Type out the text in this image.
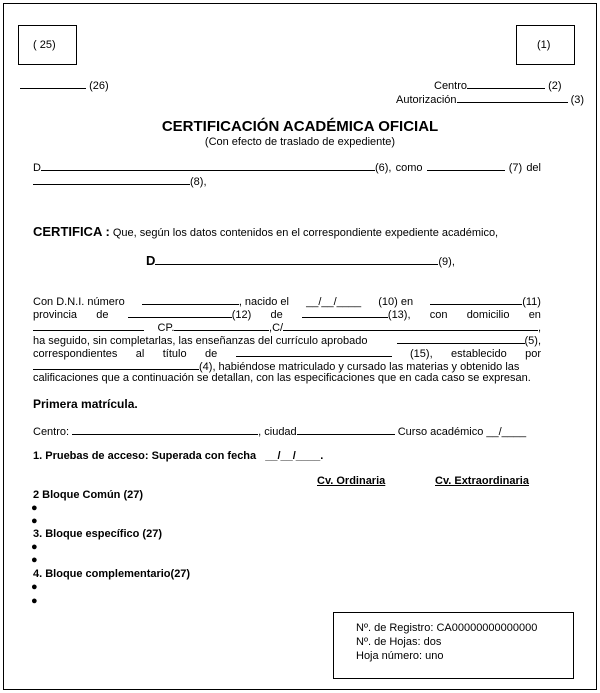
( 25)	(1)
(26)	Centro	(2)
Autorización	(3)
CERTIFICACIÓN ACADÉMICA OFICIAL
(Con efecto de traslado de expediente)
D	(6), como	(7) del
(8),
CERTIFICA : Que, según los datos contenidos en el correspondiente expediente académico,
D	(9),
Con D.N.I. número	, nacido el __/__/____ (10) en	(11)
provincia de	(12) de	(13), con domicilio en
CP.	,C/	,
ha seguido, sin completarlas, las enseñanzas del currículo aprobado	(5),
correspondientes al título de	(15), establecido por
(4), habiéndose matriculado y cursado las materias y obtenido las
calificaciones que a continuación se detallan, con las especificaciones que en cada caso se expresan.
Primera matrícula.
Centro:	, ciudad	Curso académico __/____
1. Pruebas de acceso: Superada con fecha __/__/____.
Cv. Ordinaria	Cv. Extraordinaria
2 Bloque Común (27)
●
●
3. Bloque específico (27)
●
●
4. Bloque complementario(27)
●
●
Nº. de Registro: CA00000000000000
Nº. de Hojas: dos
Hoja número: uno
